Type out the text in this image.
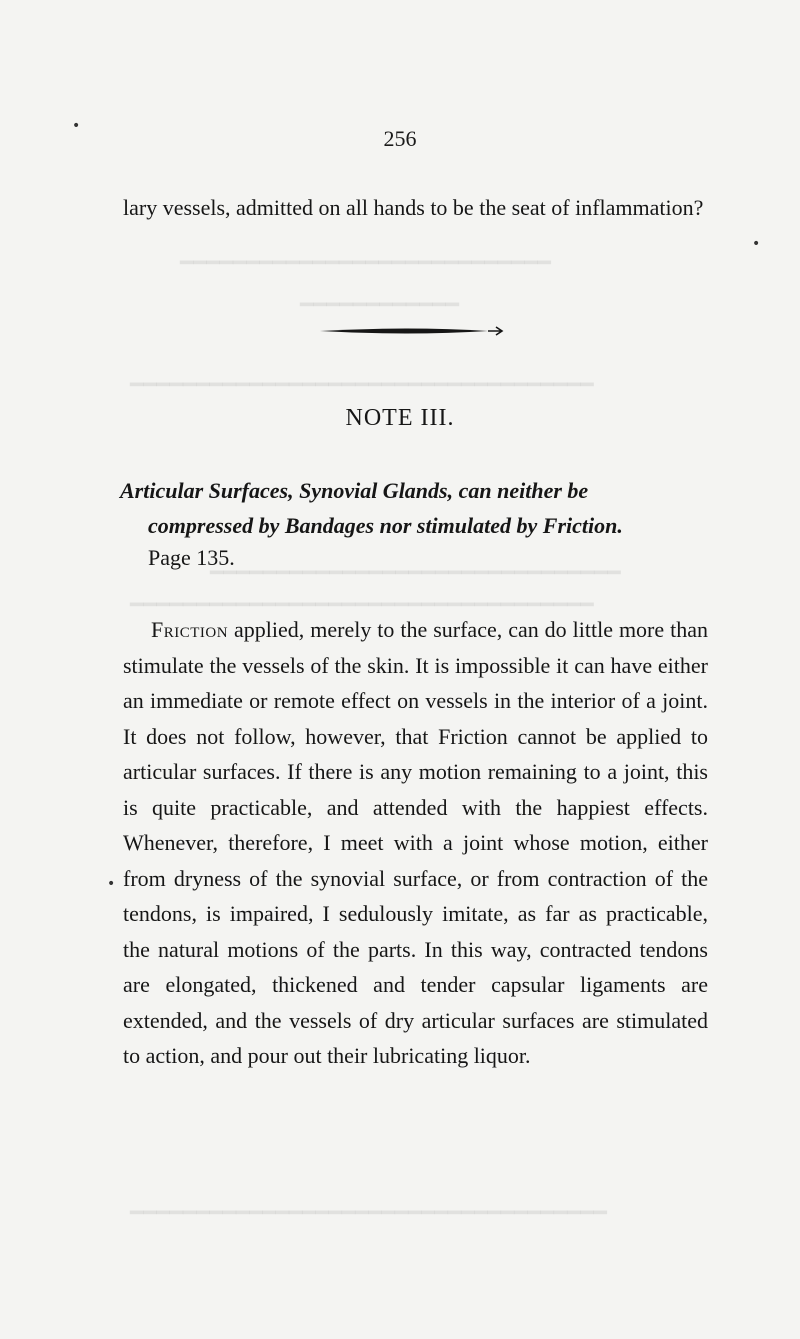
━━━━━━━━━━━━━━━━━━━━━━━━━━━━
━━━━━━━━━━━━
━━━━━━━━━━━━━━━━━━━━━━━━━━━━━━━━━━━
━━━━━━━━━━━━━━━━━━━━━━━━━━━━━━━
━━━━━━━━━━━━━━━━━━━━━━━━━━━━━━━━━━━
━━━━━━━━━━━━━━━━━━━━━━━━━━━━━━━━━━━━
•
•
•
256

lary vessels, admitted on all hands to be the seat of inflammation?

NOTE III.
Articular Surfaces, Synovial Glands, can neither be
compressed by Bandages nor stimulated by Friction.
Page 135.

Friction applied, merely to the surface, can do little more than stimulate the vessels of the skin. It is impossible it can have either an immediate or remote effect on vessels in the interior of a joint. It does not follow, however, that Friction cannot be applied to articular surfaces. If there is any motion remaining to a joint, this is quite practicable, and attended with the happiest effects. Whenever, therefore, I meet with a joint whose motion, either from dryness of the synovial surface, or from contraction of the tendons, is impaired, I sedulously imitate, as far as practicable, the natural motions of the parts. In this way, contracted tendons are elongated, thickened and tender capsular ligaments are extended, and the vessels of dry articular surfaces are stimulated to action, and pour out their lubricating liquor.
